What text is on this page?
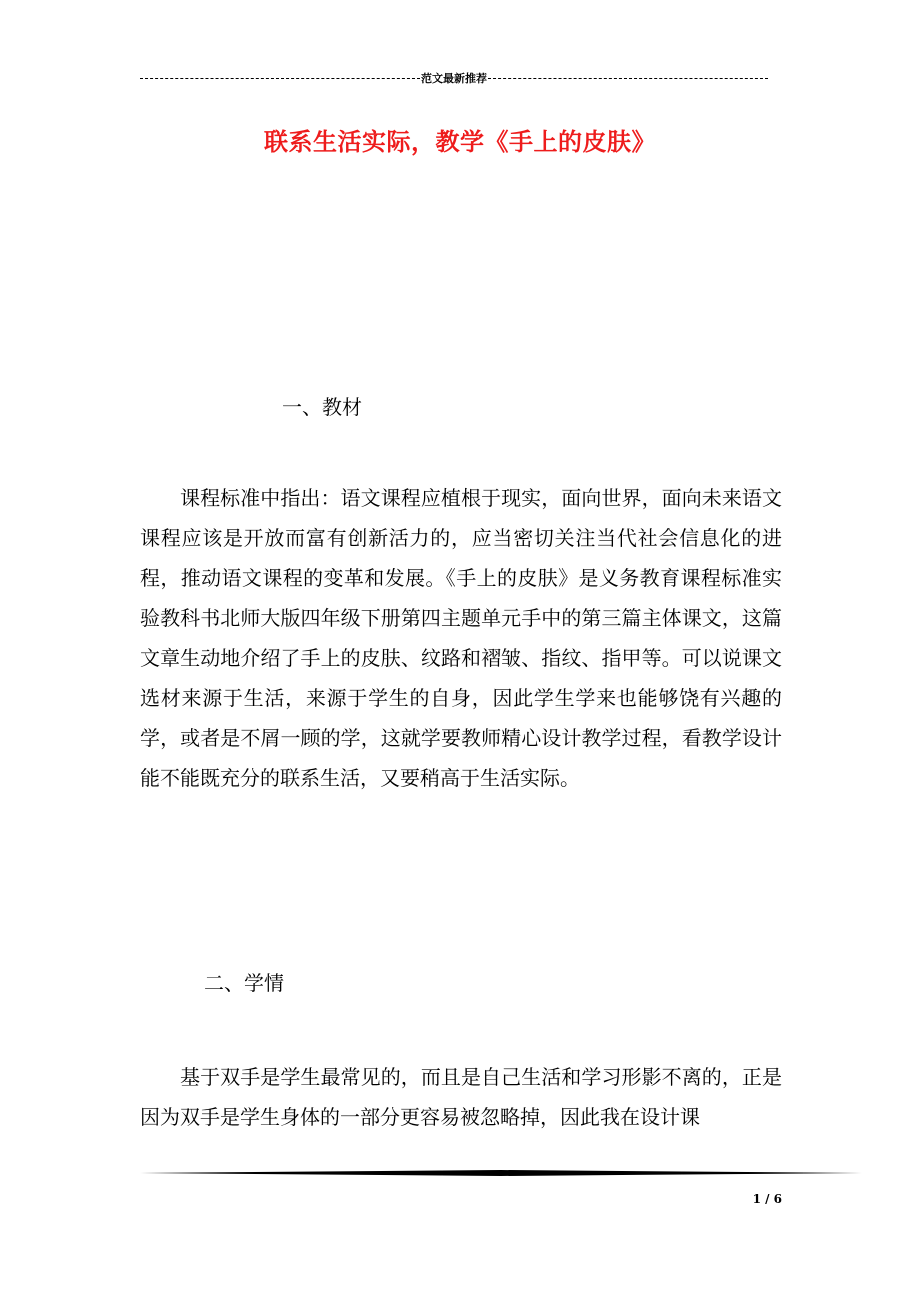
范文最新推荐
联系生活实际，教学《手上的皮肤》
一、教材

课程标准中指出：语文课程应植根于现实，面向世界，面向未来语文课程应该是开放而富有创新活力的，应当密切关注当代社会信息化的进程，推动语文课程的变革和发展。《手上的皮肤》是义务教育课程标准实验教科书北师大版四年级下册第四主题单元手中的第三篇主体课文，这篇文章生动地介绍了手上的皮肤、纹路和褶皱、指纹、指甲等。可以说课文选材来源于生活，来源于学生的自身，因此学生学来也能够饶有兴趣的学，或者是不屑一顾的学，这就学要教师精心设计教学过程，看教学设计能不能既充分的联系生活，又要稍高于生活实际。

二、学情

基于双手是学生最常见的，而且是自己生活和学习形影不离的，正是因为双手是学生身体的一部分更容易被忽略掉，因此我在设计课

1 / 6
